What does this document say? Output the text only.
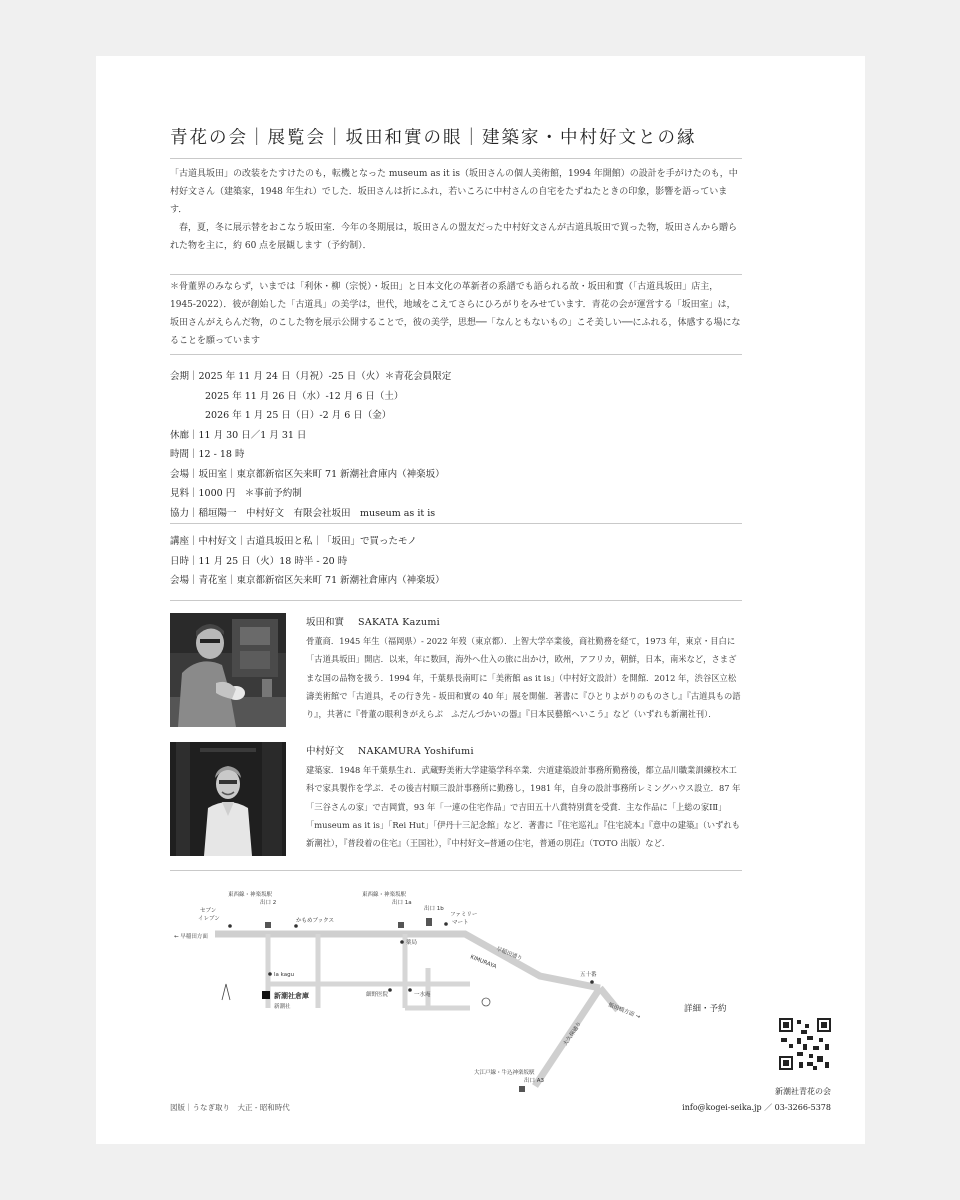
青花の会｜展覧会｜坂田和實の眼｜建築家・中村好文との縁

「古道具坂田」の改装をたすけたのも，転機となった museum as it is（坂田さんの個人美術館，1994 年開館）の設計を手がけたのも，中村好文さん（建築家，1948 年生れ）でした．坂田さんは折にふれ，若いころに中村さんの自宅をたずねたときの印象，影響を語っています．

春，夏，冬に展示替をおこなう坂田室．今年の冬期展は，坂田さんの盟友だった中村好文さんが古道具坂田で買った物，坂田さんから贈られた物を主に，約 60 点を展観します（予約制）．

＊骨董界のみならず，いまでは「利休・柳（宗悦）・坂田」と日本文化の革新者の系譜でも語られる故・坂田和實（「古道具坂田」店主，1945-2022）．彼が創始した「古道具」の美学は，世代，地域をこえてさらにひろがりをみせています．青花の会が運営する「坂田室」は，坂田さんがえらんだ物，のこした物を展示公開することで，彼の美学，思想──「なんともないもの」こそ美しい──にふれる，体感する場になることを願っています

会期｜2025 年 11 月 24 日（月祝）-25 日（火）＊青花会員限定
2025 年 11 月 26 日（水）-12 月 6 日（土）
2026 年 1 月 25 日（日）-2 月 6 日（金）
休廊｜11 月 30 日／1 月 31 日
時間｜12 - 18 時
会場｜坂田室｜東京都新宿区矢来町 71 新潮社倉庫内（神楽坂）
見料｜1000 円　＊事前予約制
協力｜稲垣陽一　中村好文　有限会社坂田　museum as it is
講座｜中村好文｜古道具坂田と私｜「坂田」で買ったモノ
日時｜11 月 25 日（火）18 時半 - 20 時
会場｜青花室｜東京都新宿区矢来町 71 新潮社倉庫内（神楽坂）
坂田和實 SAKATA Kazumi
骨董商．1945 年生（福岡県）- 2022 年歿（東京都）．上智大学卒業後，商社勤務を経て，1973 年，東京・目白に「古道具坂田」開店．以来，年に数回，海外へ仕入の旅に出かけ，欧州，アフリカ，朝鮮，日本，南米など，さまざまな国の品物を扱う．1994 年，千葉県長南町に「美術館 as it is」（中村好文設計）を開館．2012 年，渋谷区立松濤美術館で「古道具，その行き先 - 坂田和實の 40 年」展を開催．著書に『ひとりよがりのものさし』『古道具もの語り』，共著に『骨董の眼利きがえらぶ　ふだんづかいの器』『日本民藝館へいこう』など（いずれも新潮社刊）．
中村好文 NAKAMURA Yoshifumi
建築家．1948 年千葉県生れ．武蔵野美術大学建築学科卒業．宍道建築設計事務所勤務後，都立品川職業訓練校木工科で家具製作を学ぶ．その後吉村順三設計事務所に勤務し，1981 年，自身の設計事務所レミングハウス設立．87 年「三谷さんの家」で吉岡賞，93 年「一連の住宅作品」で吉田五十八賞特別賞を受賞．主な作品に「上総の家ⅠⅡ」「museum as it is」「Rei Hut」「伊丹十三記念館」など．著書に『住宅巡礼』『住宅読本』『意中の建築』（いずれも新潮社），『普段着の住宅』（王国社），『中村好文─普通の住宅，普通の別荘』（TOTO 出版）など．
東西線・神楽坂駅
出口 2
東西線・神楽坂駅
出口 1a
出口 1b
セブン
イレブン	かもめブックス
ファミリー
マート
← 早稲田方面
薬局
早稲田通り
KIMURAYA
五十番
飯田橋方面 →
la kagu
新潮社倉庫
新潮社
細野医院	一水庵
大久保通り
大江戸線・牛込神楽坂駅
出口 A3
詳細・予約
図版｜うなぎ取り　大正 - 昭和時代
新潮社青花の会
info@kogei-seika.jp ／ 03-3266-5378
